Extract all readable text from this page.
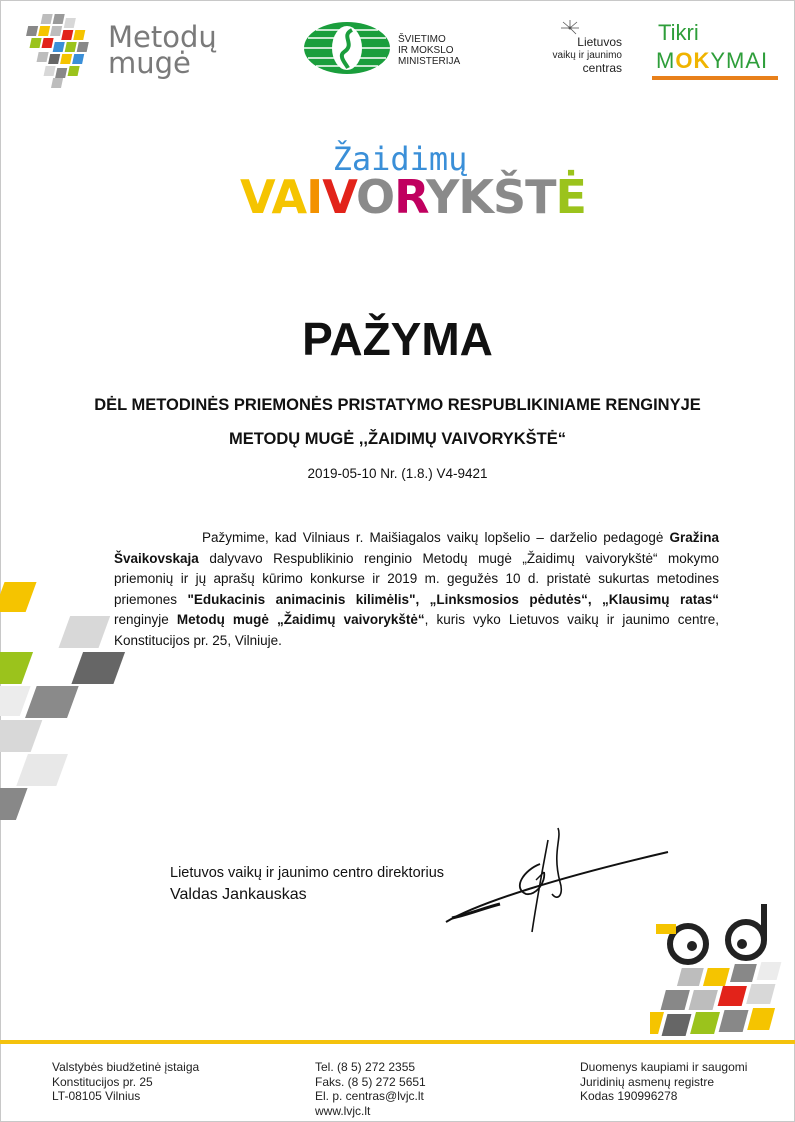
Metodų
mugė
ŠVIETIMO
IR MOKSLO
MINISTERIJA
Lietuvos
vaikų ir jaunimo
centras
Tikri
MOKYMAI
Žaidimų
VAIVORYKŠTĖ
PAŽYMA
DĖL METODINĖS PRIEMONĖS PRISTATYMO RESPUBLIKINIAME RENGINYJE
METODŲ MUGĖ ,,ŽAIDIMŲ VAIVORYKŠTĖ“
2019-05-10 Nr. (1.8.) V4-9421
Pažymime, kad Vilniaus r. Maišiagalos vaikų lopšelio – darželio pedagogė Gražina Švaikovskaja dalyvavo Respublikinio renginio Metodų mugė „Žaidimų vaivorykštė“ mokymo priemonių ir jų aprašų kūrimo konkurse ir 2019 m. gegužės 10 d. pristatė sukurtas metodines priemones "Edukacinis animacinis kilimėlis", „Linksmosios pėdutės“, „Klausimų ratas“ renginyje Metodų mugė „Žaidimų vaivorykštė“, kuris vyko Lietuvos vaikų ir jaunimo centre, Konstitucijos pr. 25, Vilniuje.
Lietuvos vaikų ir jaunimo centro direktorius
Valdas Jankauskas
Valstybės biudžetinė įstaiga
Konstitucijos pr. 25
LT-08105 Vilnius
Tel. (8 5) 272 2355
Faks. (8 5) 272 5651
El. p. centras@lvjc.lt
www.lvjc.lt
Duomenys kaupiami ir saugomi
Juridinių asmenų registre
Kodas 190996278
